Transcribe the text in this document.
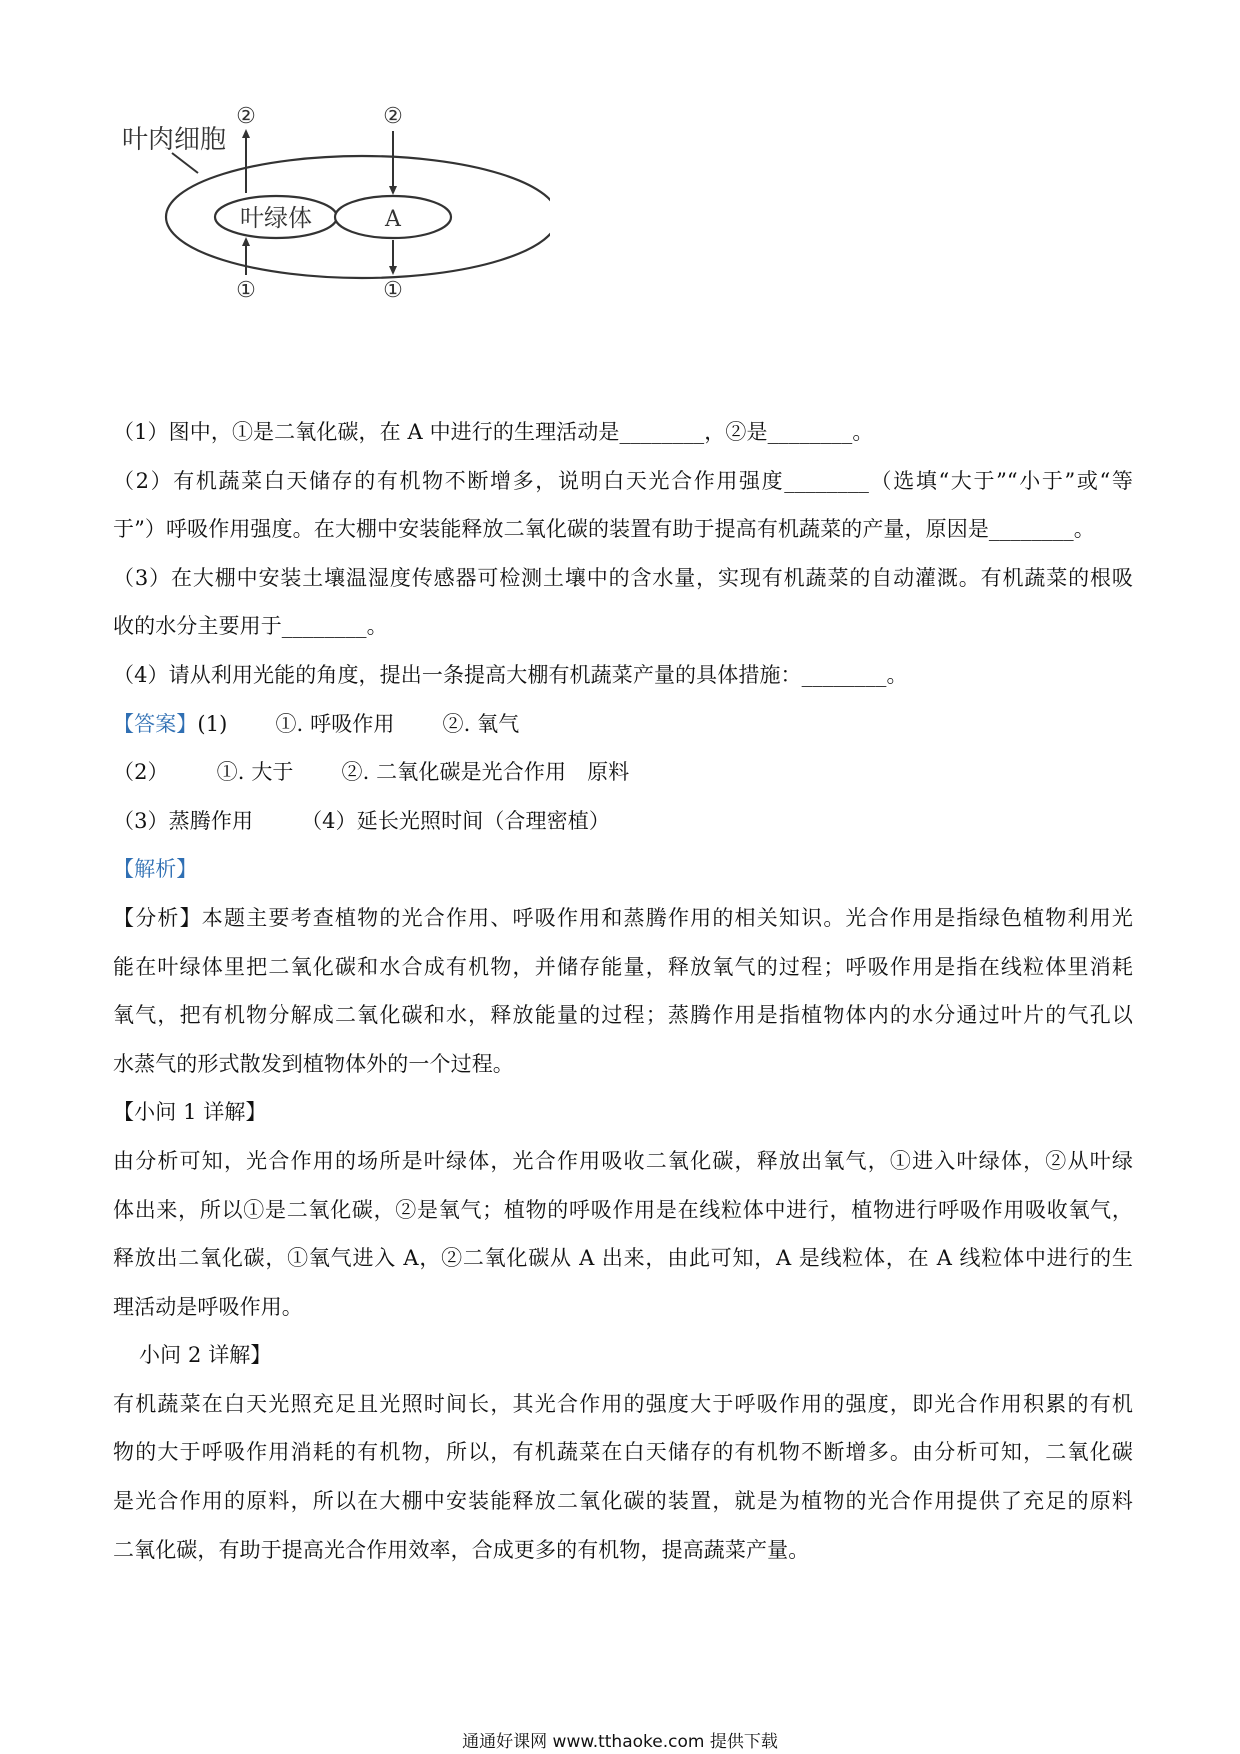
叶肉细胞
叶绿体	A
②
①
②
①
（1）图中，①是二氧化碳，在 A 中进行的生理活动是________，②是________。
（2）有机蔬菜白天储存的有机物不断增多，说明白天光合作用强度________（选填“大于”“小于”或“等
于”）呼吸作用强度。在大棚中安装能释放二氧化碳的装置有助于提高有机蔬菜的产量，原因是________。
（3）在大棚中安装土壤温湿度传感器可检测土壤中的含水量，实现有机蔬菜的自动灌溉。有机蔬菜的根吸
收的水分主要用于________。
（4）请从利用光能的角度，提出一条提高大棚有机蔬菜产量的具体措施：________。
【答案】(1) ①. 呼吸作用 ②. 氧气
（2） ①. 大于 ②. 二氧化碳是光合作用　原料
（3）蒸腾作用 （4）延长光照时间（合理密植）
【解析】
【分析】本题主要考查植物的光合作用、呼吸作用和蒸腾作用的相关知识。光合作用是指绿色植物利用光
能在叶绿体里把二氧化碳和水合成有机物，并储存能量，释放氧气的过程；呼吸作用是指在线粒体里消耗
氧气，把有机物分解成二氧化碳和水，释放能量的过程；蒸腾作用是指植物体内的水分通过叶片的气孔以
水蒸气的形式散发到植物体外的一个过程。
【小问 1 详解】
由分析可知，光合作用的场所是叶绿体，光合作用吸收二氧化碳，释放出氧气，①进入叶绿体，②从叶绿
体出来，所以①是二氧化碳，②是氧气；植物的呼吸作用是在线粒体中进行，植物进行呼吸作用吸收氧气，
释放出二氧化碳，①氧气进入 A，②二氧化碳从 A 出来，由此可知，A 是线粒体，在 A 线粒体中进行的生
理活动是呼吸作用。
小问 2 详解】
有机蔬菜在白天光照充足且光照时间长，其光合作用的强度大于呼吸作用的强度，即光合作用积累的有机
物的大于呼吸作用消耗的有机物，所以，有机蔬菜在白天储存的有机物不断增多。由分析可知，二氧化碳
是光合作用的原料，所以在大棚中安装能释放二氧化碳的装置，就是为植物的光合作用提供了充足的原料
二氧化碳，有助于提高光合作用效率，合成更多的有机物，提高蔬菜产量。
通通好课网 www.tthaoke.com 提供下载
